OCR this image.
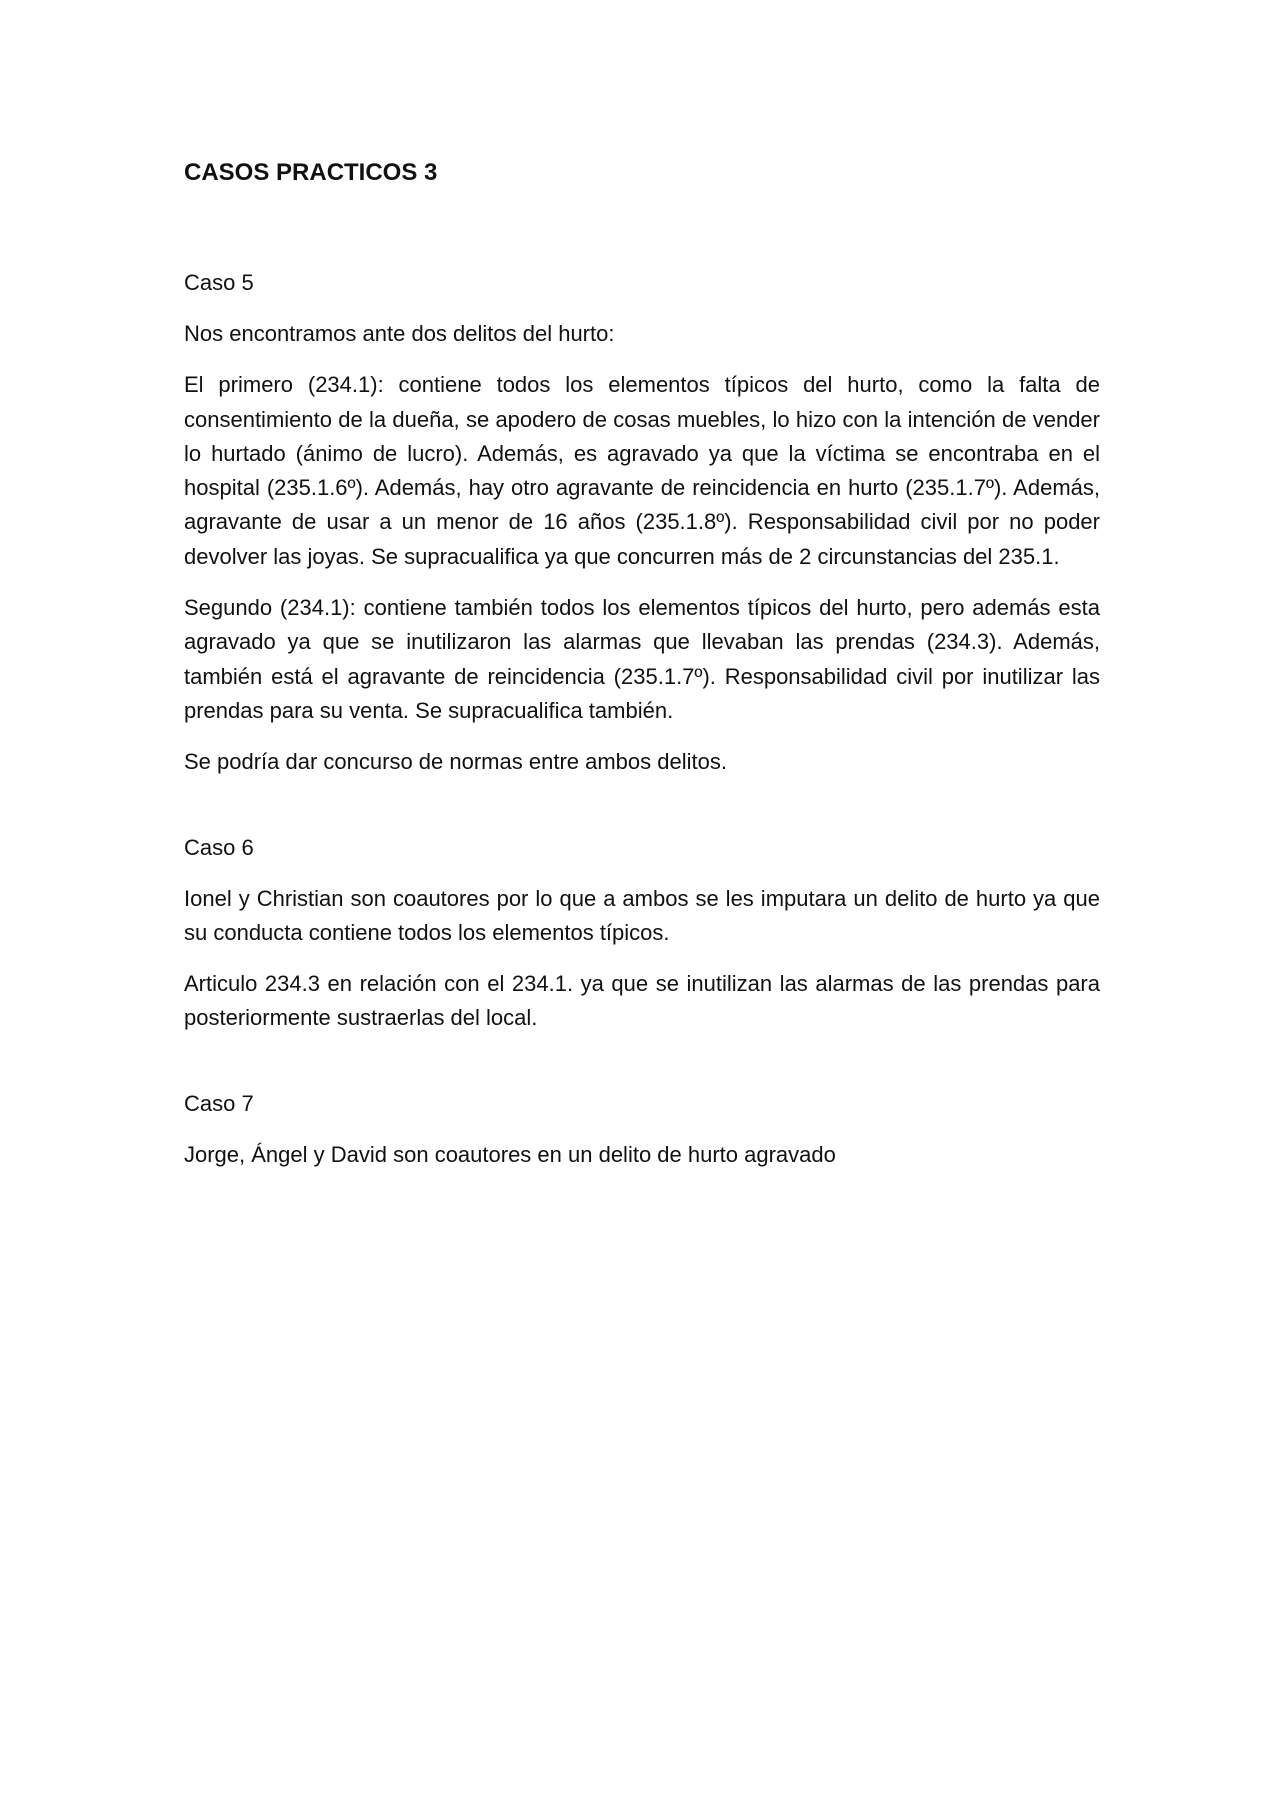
CASOS PRACTICOS 3

Caso 5

Nos encontramos ante dos delitos del hurto:

El primero (234.1): contiene todos los elementos típicos del hurto, como la falta de consentimiento de la dueña, se apodero de cosas muebles, lo hizo con la intención de vender lo hurtado (ánimo de lucro). Además, es agravado ya que la víctima se encontraba en el hospital (235.1.6º). Además, hay otro agravante de reincidencia en hurto (235.1.7º). Además, agravante de usar a un menor de 16 años (235.1.8º). Responsabilidad civil por no poder devolver las joyas. Se supracualifica ya que concurren más de 2 circunstancias del 235.1.

Segundo (234.1): contiene también todos los elementos típicos del hurto, pero además esta agravado ya que se inutilizaron las alarmas que llevaban las prendas (234.3). Además, también está el agravante de reincidencia (235.1.7º). Responsabilidad civil por inutilizar las prendas para su venta. Se supracualifica también.

Se podría dar concurso de normas entre ambos delitos.

Caso 6

Ionel y Christian son coautores por lo que a ambos se les imputara un delito de hurto ya que su conducta contiene todos los elementos típicos.

Articulo 234.3 en relación con el 234.1. ya que se inutilizan las alarmas de las prendas para posteriormente sustraerlas del local.

Caso 7

Jorge, Ángel y David son coautores en un delito de hurto agravado
